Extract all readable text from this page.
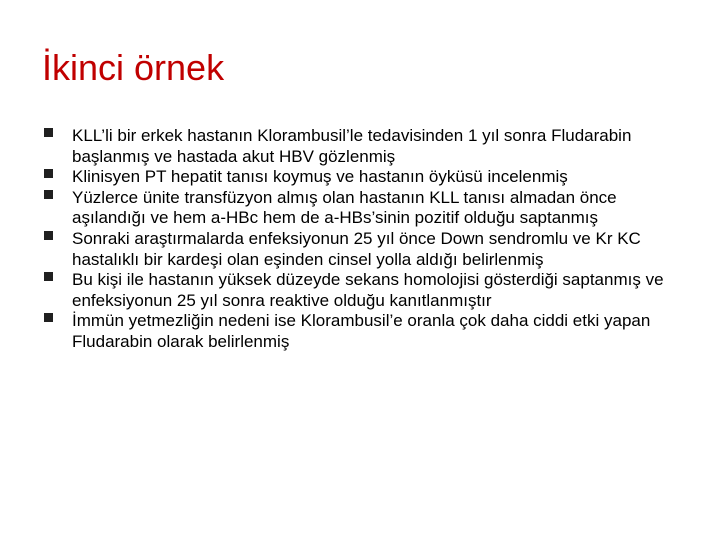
İkinci örnek
KLL’li bir erkek hastanın Klorambusil’le tedavisinden 1 yıl sonra Fludarabin başlanmış ve hastada akut HBV gözlenmiş
Klinisyen PT hepatit tanısı koymuş ve hastanın öyküsü incelenmiş
Yüzlerce ünite transfüzyon almış olan hastanın KLL tanısı almadan önce aşılandığı ve hem a-HBc hem de a-HBs’sinin pozitif olduğu saptanmış
Sonraki araştırmalarda enfeksiyonun 25 yıl önce Down sendromlu ve Kr KC hastalıklı bir kardeşi olan eşinden cinsel yolla aldığı belirlenmiş
Bu kişi ile hastanın yüksek düzeyde sekans homolojisi gösterdiği saptanmış ve enfeksiyonun 25 yıl sonra reaktive olduğu kanıtlanmıştır
İmmün yetmezliğin nedeni ise Klorambusil’e oranla çok daha ciddi etki yapan Fludarabin olarak belirlenmiş
